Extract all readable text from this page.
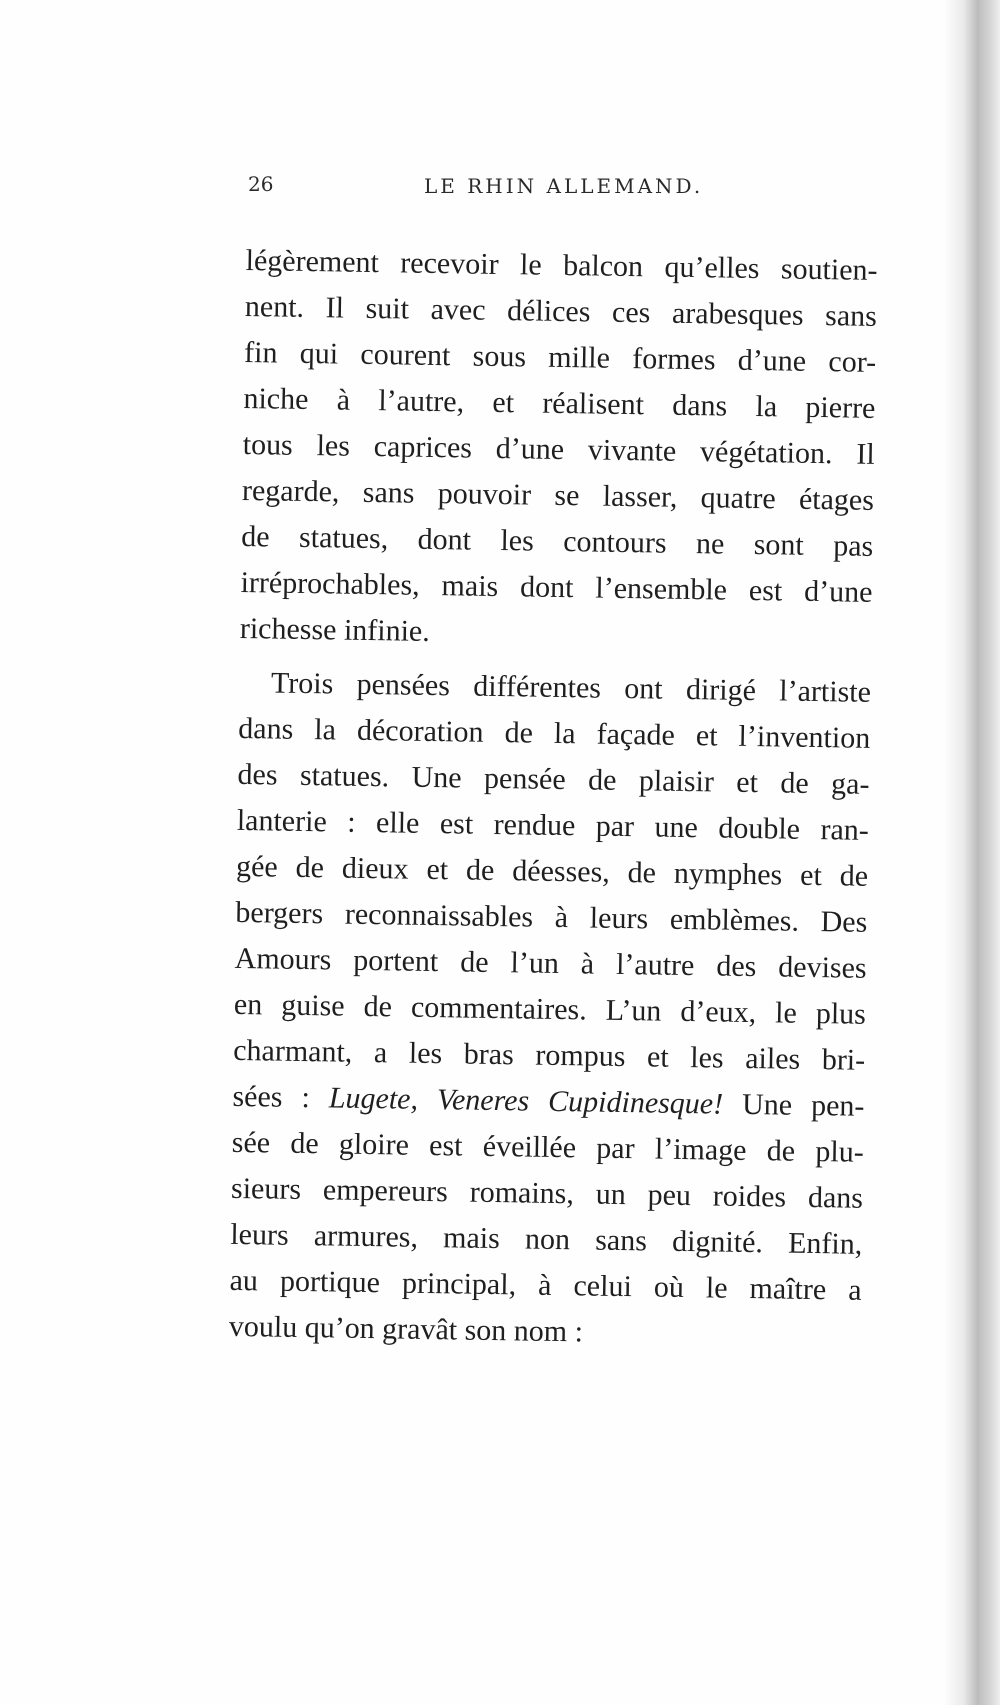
26	LE RHIN ALLEMAND.
légèrement recevoir le balcon qu’elles soutien-
nent. Il suit avec délices ces arabesques sans
fin qui courent sous mille formes d’une cor-
niche à l’autre, et réalisent dans la pierre
tous les caprices d’une vivante végétation. Il
regarde, sans pouvoir se lasser, quatre étages
de statues, dont les contours ne sont pas
irréprochables, mais dont l’ensemble est d’une
richesse infinie.
Trois pensées différentes ont dirigé l’artiste
dans la décoration de la façade et l’invention
des statues. Une pensée de plaisir et de ga-
lanterie : elle est rendue par une double ran-
gée de dieux et de déesses, de nymphes et de
bergers reconnaissables à leurs emblèmes. Des
Amours portent de l’un à l’autre des devises
en guise de commentaires. L’un d’eux, le plus
charmant, a les bras rompus et les ailes bri-
sées : Lugete, Veneres Cupidinesque! Une pen-
sée de gloire est éveillée par l’image de plu-
sieurs empereurs romains, un peu roides dans
leurs armures, mais non sans dignité. Enfin,
au portique principal, à celui où le maître a
voulu qu’on gravât son nom :
